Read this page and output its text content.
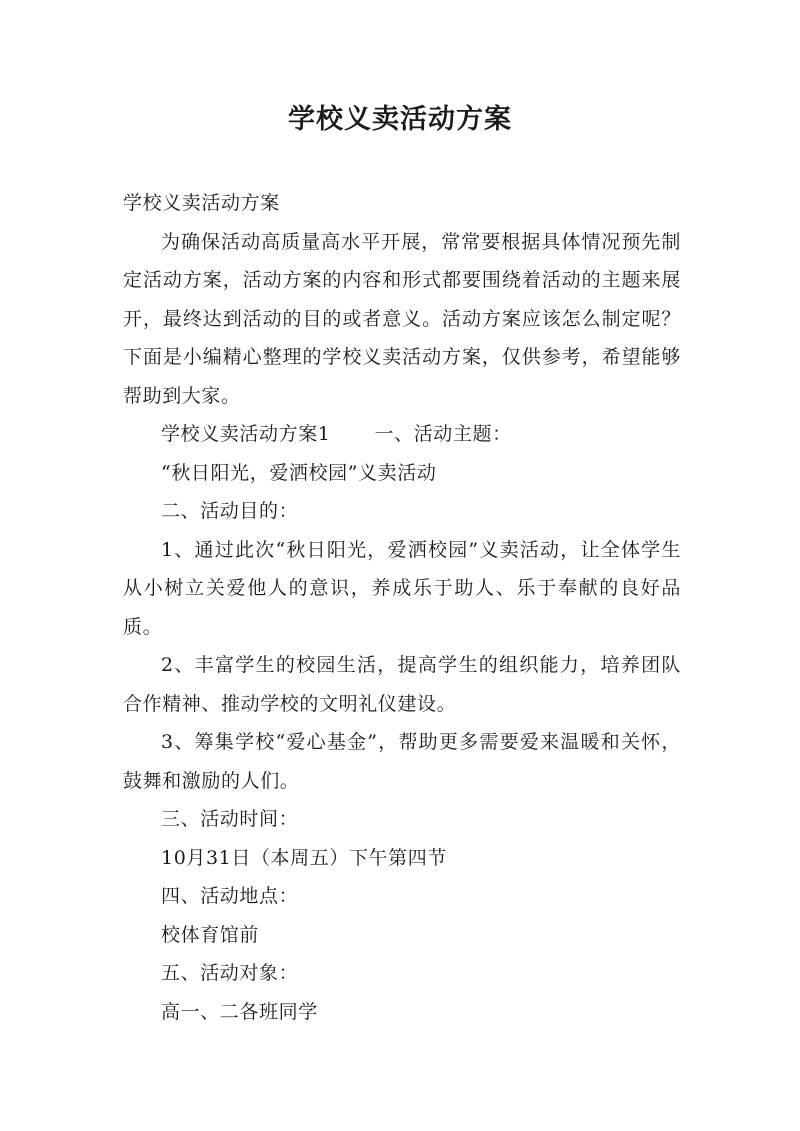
学校义卖活动方案

学校义卖活动方案

为确保活动高质量高水平开展，常常要根据具体情况预先制定活动方案，活动方案的内容和形式都要围绕着活动的主题来展开，最终达到活动的目的或者意义。活动方案应该怎么制定呢？下面是小编精心整理的学校义卖活动方案，仅供参考，希望能够帮助到大家。

学校义卖活动方案1 一、活动主题：

“秋日阳光，爱洒校园”义卖活动

二、活动目的：

1、通过此次“秋日阳光，爱洒校园”义卖活动，让全体学生从小树立关爱他人的意识，养成乐于助人、乐于奉献的良好品质。

2、丰富学生的校园生活，提高学生的组织能力，培养团队合作精神、推动学校的文明礼仪建设。

3、筹集学校“爱心基金”，帮助更多需要爱来温暖和关怀，鼓舞和激励的人们。

三、活动时间：

10月31日（本周五）下午第四节

四、活动地点：

校体育馆前

五、活动对象：

高一、二各班同学
